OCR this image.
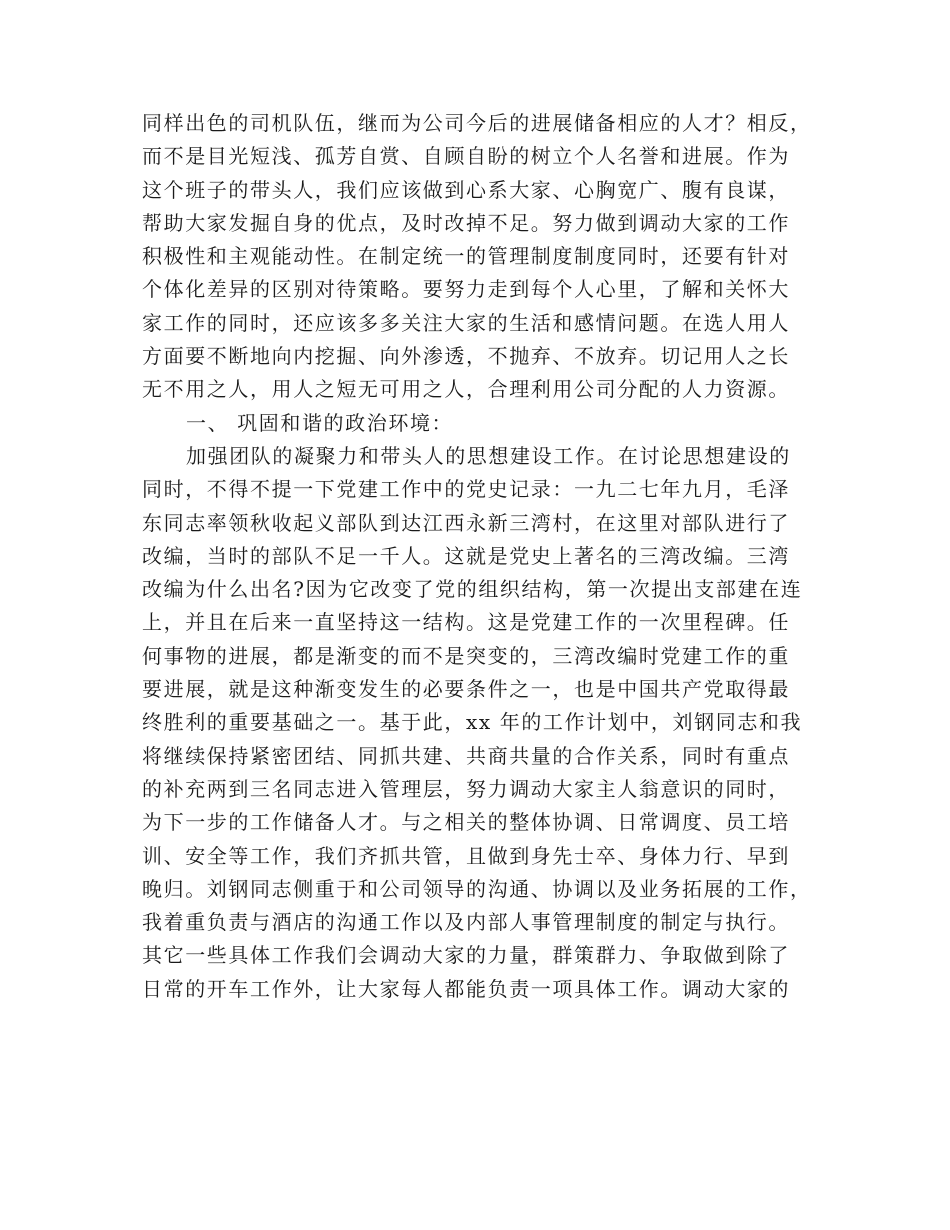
同样出色的司机队伍，继而为公司今后的进展储备相应的人才？相反，
而不是目光短浅、孤芳自赏、自顾自盼的树立个人名誉和进展。作为
这个班子的带头人，我们应该做到心系大家、心胸宽广、腹有良谋，
帮助大家发掘自身的优点，及时改掉不足。努力做到调动大家的工作
积极性和主观能动性。在制定统一的管理制度制度同时，还要有针对
个体化差异的区别对待策略。要努力走到每个人心里，了解和关怀大
家工作的同时，还应该多多关注大家的生活和感情问题。在选人用人
方面要不断地向内挖掘、向外渗透，不抛弃、不放弃。切记用人之长
无不用之人，用人之短无可用之人，合理利用公司分配的人力资源。
一、 巩固和谐的政治环境：
加强团队的凝聚力和带头人的思想建设工作。在讨论思想建设的
同时，不得不提一下党建工作中的党史记录：一九二七年九月，毛泽
东同志率领秋收起义部队到达江西永新三湾村，在这里对部队进行了
改编，当时的部队不足一千人。这就是党史上著名的三湾改编。三湾
改编为什么出名?因为它改变了党的组织结构，第一次提出支部建在连
上，并且在后来一直坚持这一结构。这是党建工作的一次里程碑。任
何事物的进展，都是渐变的而不是突变的，三湾改编时党建工作的重
要进展，就是这种渐变发生的必要条件之一，也是中国共产党取得最
终胜利的重要基础之一。基于此，xx 年的工作计划中，刘钢同志和我
将继续保持紧密团结、同抓共建、共商共量的合作关系，同时有重点
的补充两到三名同志进入管理层，努力调动大家主人翁意识的同时，
为下一步的工作储备人才。与之相关的整体协调、日常调度、员工培
训、安全等工作，我们齐抓共管，且做到身先士卒、身体力行、早到
晚归。刘钢同志侧重于和公司领导的沟通、协调以及业务拓展的工作，
我着重负责与酒店的沟通工作以及内部人事管理制度的制定与执行。
其它一些具体工作我们会调动大家的力量，群策群力、争取做到除了
日常的开车工作外，让大家每人都能负责一项具体工作。调动大家的
